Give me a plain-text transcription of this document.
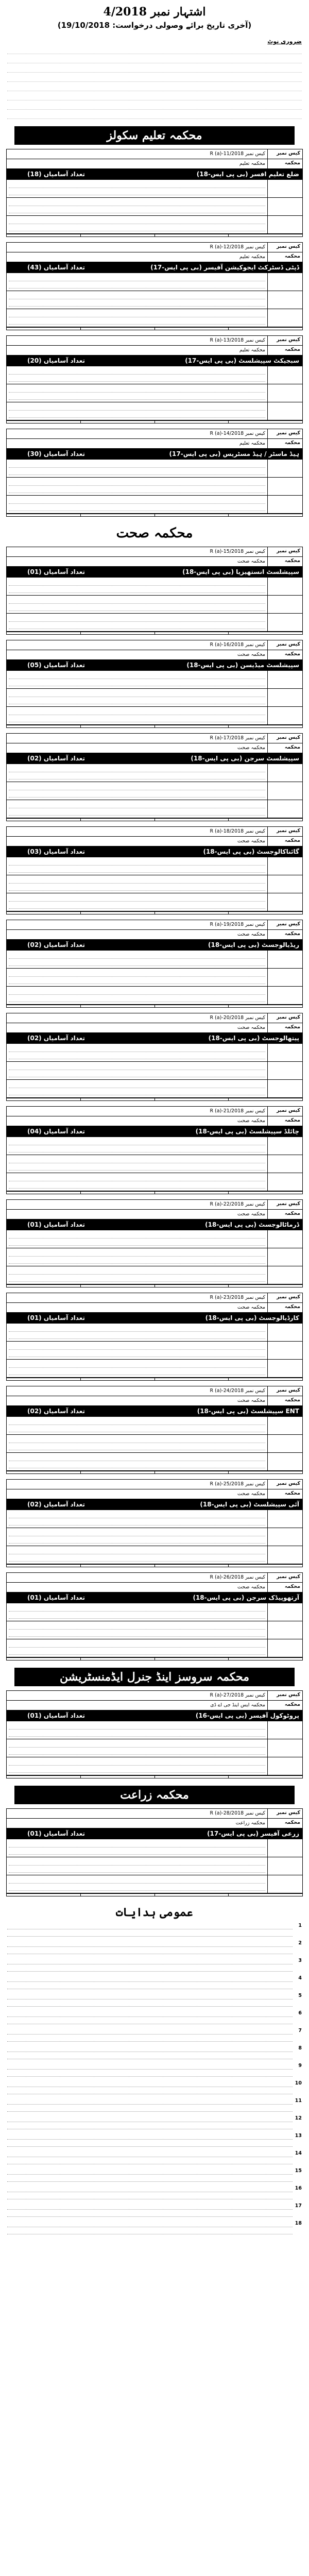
اشتہار نمبر 4/2018
(آخری تاریخ برائے وصولی درخواست: 19/10/2018)
ضروری نوٹ
محکمہ تعلیم سکولز
کیس نمبر
کیس نمبر 11/2018-R (a)
محکمہ
محکمہ تعلیم
ضلع تعلیم افسر (بی پی ایس-18)
تعداد آسامیاں (18)
کیس نمبر
کیس نمبر 12/2018-R (a)
محکمہ
محکمہ تعلیم
ڈپٹی ڈسٹرکٹ ایجوکیشن آفیسر (بی پی ایس-17)
تعداد آسامیاں (43)
کیس نمبر
کیس نمبر 13/2018-R (a)
محکمہ
محکمہ تعلیم
سبجیکٹ سپیشلسٹ (بی پی ایس-17)
تعداد آسامیاں (20)
کیس نمبر
کیس نمبر 14/2018-R (a)
محکمہ
محکمہ تعلیم
ہیڈ ماسٹر / ہیڈ مسٹریس (بی پی ایس-17)
تعداد آسامیاں (30)
محکمہ صحت
کیس نمبر
کیس نمبر 15/2018-R (a)
محکمہ
محکمہ صحت
سپیشلسٹ انستھیزیا (بی پی ایس-18)
تعداد آسامیاں (01)
کیس نمبر
کیس نمبر 16/2018-R (a)
محکمہ
محکمہ صحت
سپیشلسٹ میڈیسن (بی پی ایس-18)
تعداد آسامیاں (05)
کیس نمبر
کیس نمبر 17/2018-R (a)
محکمہ
محکمہ صحت
سپیشلسٹ سرجن (بی پی ایس-18)
تعداد آسامیاں (02)
کیس نمبر
کیس نمبر 18/2018-R (a)
محکمہ
محکمہ صحت
گائناکالوجسٹ (بی پی ایس-18)
تعداد آسامیاں (03)
کیس نمبر
کیس نمبر 19/2018-R (a)
محکمہ
محکمہ صحت
ریڈیالوجسٹ (بی پی ایس-18)
تعداد آسامیاں (02)
کیس نمبر
کیس نمبر 20/2018-R (a)
محکمہ
محکمہ صحت
پیتھالوجسٹ (بی پی ایس-18)
تعداد آسامیاں (02)
کیس نمبر
کیس نمبر 21/2018-R (a)
محکمہ
محکمہ صحت
چائلڈ سپیشلسٹ (بی پی ایس-18)
تعداد آسامیاں (04)
کیس نمبر
کیس نمبر 22/2018-R (a)
محکمہ
محکمہ صحت
ڈرماٹالوجسٹ (بی پی ایس-18)
تعداد آسامیاں (01)
کیس نمبر
کیس نمبر 23/2018-R (a)
محکمہ
محکمہ صحت
کارڈیالوجسٹ (بی پی ایس-18)
تعداد آسامیاں (01)
کیس نمبر
کیس نمبر 24/2018-R (a)
محکمہ
محکمہ صحت
ENT سپیشلسٹ (بی پی ایس-18)
تعداد آسامیاں (02)
کیس نمبر
کیس نمبر 25/2018-R (a)
محکمہ
محکمہ صحت
آئی سپیشلسٹ (بی پی ایس-18)
تعداد آسامیاں (02)
کیس نمبر
کیس نمبر 26/2018-R (a)
محکمہ
محکمہ صحت
آرتھوپیڈک سرجن (بی پی ایس-18)
تعداد آسامیاں (01)
محکمہ سروسز اینڈ جنرل ایڈمنسٹریشن
کیس نمبر
کیس نمبر 27/2018-R (a)
محکمہ
محکمہ ایس اینڈ جی اے ڈی
پروٹوکول آفیسر (بی پی ایس-16)
تعداد آسامیاں (01)
محکمہ زراعت
کیس نمبر
کیس نمبر 28/2018-R (a)
محکمہ
محکمہ زراعت
زرعی آفیسر (بی پی ایس-17)
تعداد آسامیاں (01)
عمومی ہدایات
1
2
3
4
5
6
7
8
9
10
11
12
13
14
15
16
17
18
